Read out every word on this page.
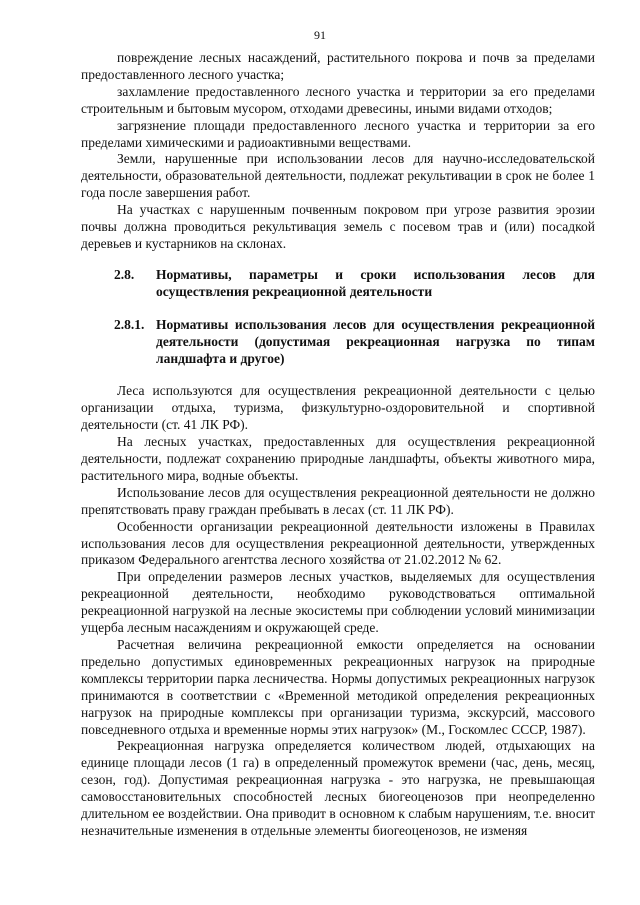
91

повреждение лесных насаждений, растительного покрова и почв за пределами предоставленного лесного участка;

захламление предоставленного лесного участка и территории за его пределами строительным и бытовым мусором, отходами древесины, иными видами отходов;

загрязнение площади предоставленного лесного участка и территории за его пределами химическими и радиоактивными веществами.

Земли, нарушенные при использовании лесов для научно-исследовательской деятельности, образовательной деятельности, подлежат рекультивации в срок не более 1 года после завершения работ.

На участках с нарушенным почвенным покровом при угрозе развития эрозии почвы должна проводиться рекультивация земель с посевом трав и (или) посадкой деревьев и кустарников на склонах.

2.8.	Нормативы, параметры и сроки использования лесов для осуществления рекреационной деятельности
2.8.1. Нормативы использования лесов для осуществления рекреационной деятельности (допустимая рекреационная нагрузка по типам ландшафта и другое)

Леса используются для осуществления рекреационной деятельности с целью организации отдыха, туризма, физкультурно-оздоровительной и спортивной деятельности (ст. 41 ЛК РФ).

На лесных участках, предоставленных для осуществления рекреационной деятельности, подлежат сохранению природные ландшафты, объекты животного мира, растительного мира, водные объекты.

Использование лесов для осуществления рекреационной деятельности не должно препятствовать праву граждан пребывать в лесах (ст. 11 ЛК РФ).

Особенности организации рекреационной деятельности изложены в Правилах использования лесов для осуществления рекреационной деятельности, утвержденных приказом Федерального агентства лесного хозяйства от 21.02.2012 № 62.

При определении размеров лесных участков, выделяемых для осуществления рекреационной деятельности, необходимо руководствоваться оптимальной рекреационной нагрузкой на лесные экосистемы при соблюдении условий минимизации ущерба лесным насаждениям и окружающей среде.

Расчетная величина рекреационной емкости определяется на основании предельно допустимых единовременных рекреационных нагрузок на природные комплексы территории парка лесничества. Нормы допустимых рекреационных нагрузок принимаются в соответствии с «Временной методикой определения рекреационных нагрузок на природные комплексы при организации туризма, экскурсий, массового повседневного отдыха и временные нормы этих нагрузок» (М., Госкомлес СССР, 1987).

Рекреационная нагрузка определяется количеством людей, отдыхающих на единице площади лесов (1 га) в определенный промежуток времени (час, день, месяц, сезон, год). Допустимая рекреационная нагрузка - это нагрузка, не превышающая самовосстановительных способностей лесных биогеоценозов при неопределенно длительном ее воздействии. Она приводит в основном к слабым нарушениям, т.е. вносит незначительные изменения в отдельные элементы биогеоценозов, не изменяя
